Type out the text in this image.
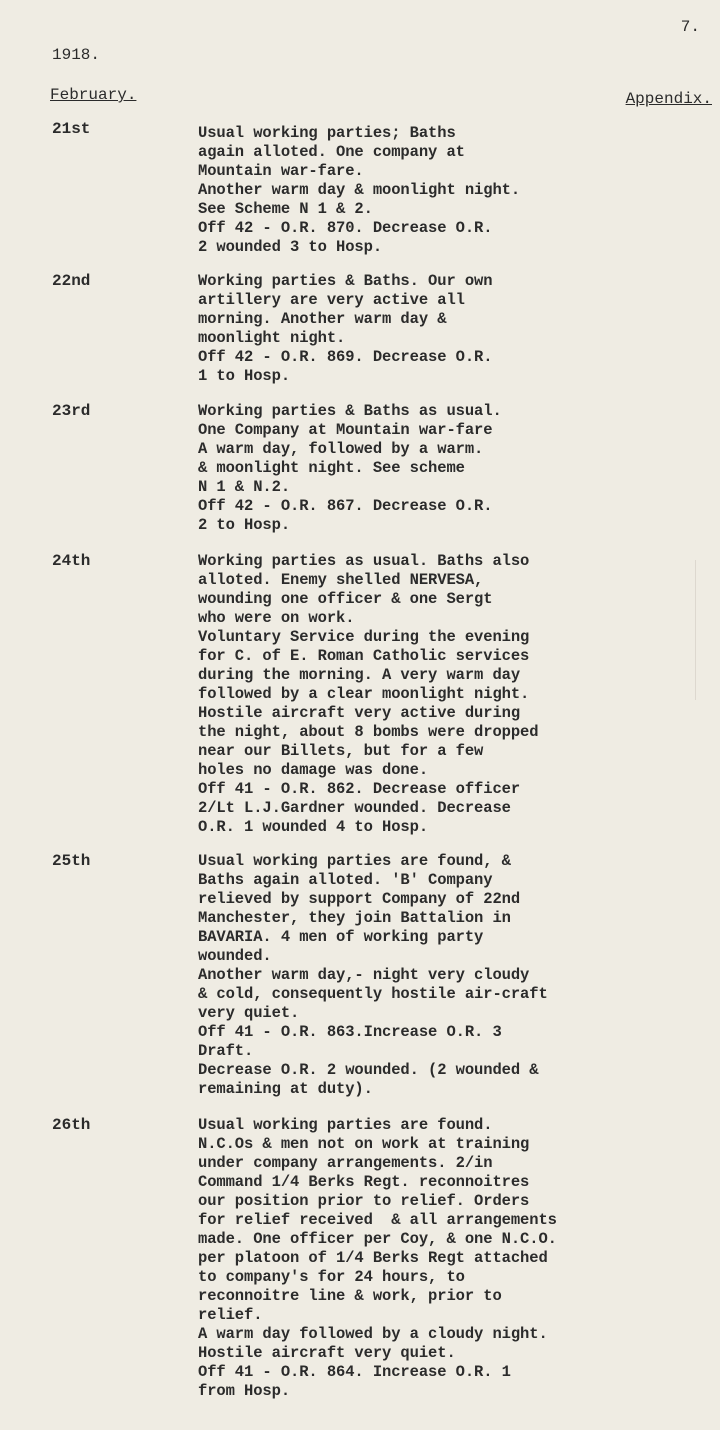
7.
1918.
February.	Appendix.
21st	Usual working parties; Baths
again alloted. One company at
Mountain war-fare.
Another warm day & moonlight night.
See Scheme N 1 & 2.
Off 42 - O.R. 870. Decrease O.R.
2 wounded 3 to Hosp.
22nd	Working parties & Baths. Our own
artillery are very active all
morning. Another warm day &
moonlight night.
Off 42 - O.R. 869. Decrease O.R.
1 to Hosp.
23rd	Working parties & Baths as usual.
One Company at Mountain war-fare
A warm day, followed by a warm.
& moonlight night. See scheme
N 1 & N.2.
Off 42 - O.R. 867. Decrease O.R.
2 to Hosp.
24th	Working parties as usual. Baths also
alloted. Enemy shelled NERVESA,
wounding one officer & one Sergt
who were on work.
Voluntary Service during the evening
for C. of E. Roman Catholic services
during the morning. A very warm day
followed by a clear moonlight night.
Hostile aircraft very active during
the night, about 8 bombs were dropped
near our Billets, but for a few
holes no damage was done.
Off 41 - O.R. 862. Decrease officer
2/Lt L.J.Gardner wounded. Decrease
O.R. 1 wounded 4 to Hosp.
25th	Usual working parties are found, &
Baths again alloted. 'B' Company
relieved by support Company of 22nd
Manchester, they join Battalion in
BAVARIA. 4 men of working party
wounded.
Another warm day,- night very cloudy
& cold, consequently hostile air-craft
very quiet.
Off 41 - O.R. 863.Increase O.R. 3
Draft.
Decrease O.R. 2 wounded. (2 wounded &
remaining at duty).
26th	Usual working parties are found.
N.C.Os & men not on work at training
under company arrangements. 2/in
Command 1/4 Berks Regt. reconnoitres
our position prior to relief. Orders
for relief received  & all arrangements
made. One officer per Coy, & one N.C.O.
per platoon of 1/4 Berks Regt attached
to company's for 24 hours, to
reconnoitre line & work, prior to
relief.
A warm day followed by a cloudy night.
Hostile aircraft very quiet.
Off 41 - O.R. 864. Increase O.R. 1
from Hosp.
